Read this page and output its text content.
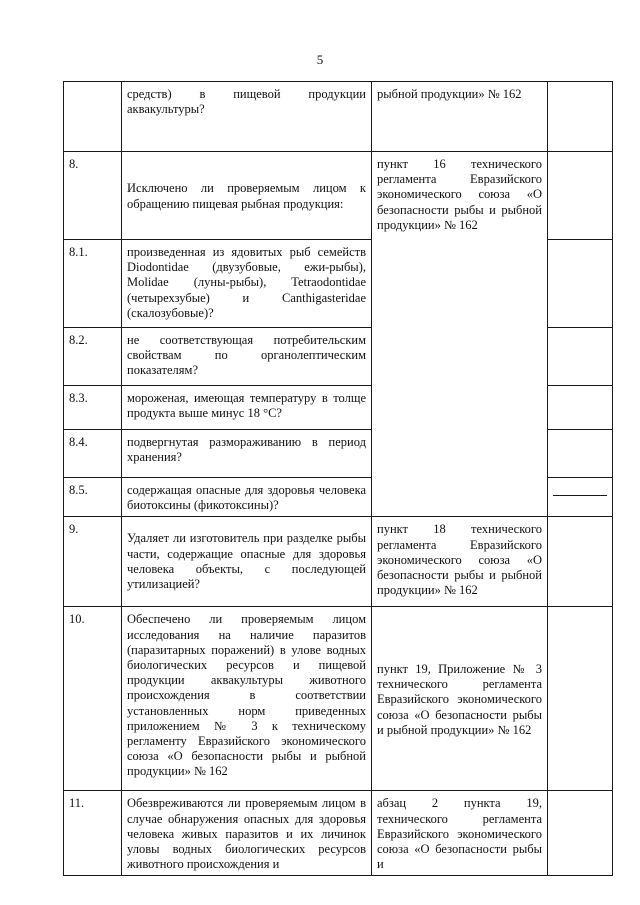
5

	средств) в пищевой продукции аквакультуры?	рыбной продукции» № 162	

8.	Исключено ли проверяемым лицом к обращению пищевая рыбная продукция:	пункт 16 технического регламента Евразийского экономического союза «О безопасности рыбы и рыбной продукции» № 162	

8.1.	произведенная из ядовитых рыб семейств Diodontidae (двузубовые, ежи-рыбы), Molidae (луны-рыбы), Tetraodontidae (четырехзубые) и Canthigasteridae (скалозубовые)?		

8.2.	не соответствующая потребительским свойствам по органолептическим показателям?		

8.3.	мороженая, имеющая температуру в толще продукта выше минус 18 °С?		

8.4.	подвергнутая размораживанию в период хранения?		

8.5.	содержащая опасные для здоровья человека биотоксины (фикотоксины)?		

9.	Удаляет ли изготовитель при разделке рыбы части, содержащие опасные для здоровья человека объекты, с последующей утилизацией?	пункт 18 технического регламента Евразийского экономического союза «О безопасности рыбы и рыбной продукции» № 162	

10.	Обеспечено ли проверяемым лицом исследования на наличие паразитов (паразитарных поражений) в улове водных биологических ресурсов и пищевой продукции аквакультуры животного происхождения в соответствии установленных норм приведенных приложением № 3 к техническому регламенту Евразийского экономического союза «О безопасности рыбы и рыбной продукции» № 162	пункт 19, Приложение № 3 технического регламента Евразийского экономического союза «О безопасности рыбы и рыбной продукции» № 162	

11.	Обезвреживаются ли проверяемым лицом в случае обнаружения опасных для здоровья человека живых паразитов и их личинок уловы водных биологических ресурсов животного происхождения и	абзац 2 пункта 19, технического регламента Евразийского экономического союза «О безопасности рыбы и	
